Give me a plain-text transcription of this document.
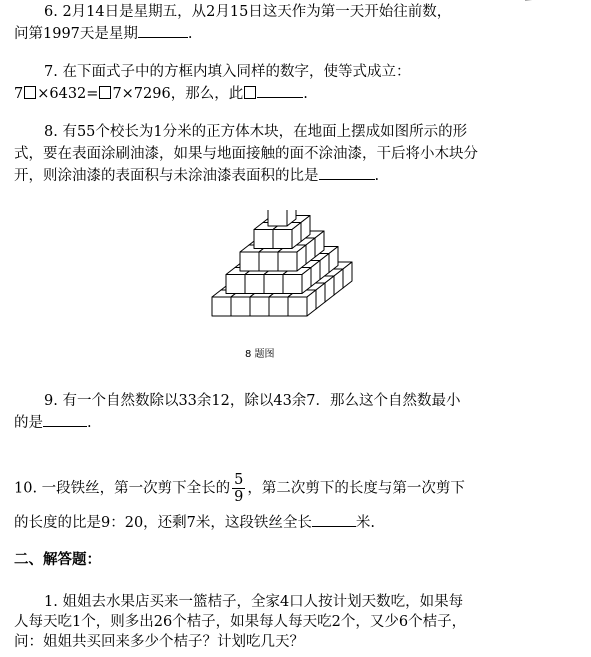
6. 2月14日是星期五，从2月15日这天作为第一天开始往前数，
问第1997天是星期	.
7. 在下面式子中的方框内填入同样的数字，使等式成立：
7 ×6432= 7×7296，那么，此	.
8. 有55个校长为1分米的正方体木块，在地面上摆成如图所示的形
式，要在表面涂刷油漆，如果与地面接触的面不涂油漆，干后将小木块分
开，则涂油漆的表面积与未涂油漆表面积的比是	.
8 题图
9. 有一个自然数除以33余12，除以43余7．那么这个自然数最小
的是	.
10. 一段铁丝，第一次剪下全长的 $\frac{5}{9}$ ，第二次剪下的长度与第一次剪下
的长度的比是9：20，还剩7米，这段铁丝全长	米.
二、解答题：
1. 姐姐去水果店买来一篮桔子，全家4口人按计划天数吃，如果每
人每天吃1个，则多出26个桔子，如果每人每天吃2个，又少6个桔子，
问：姐姐共买回来多少个桔子？计划吃几天？
